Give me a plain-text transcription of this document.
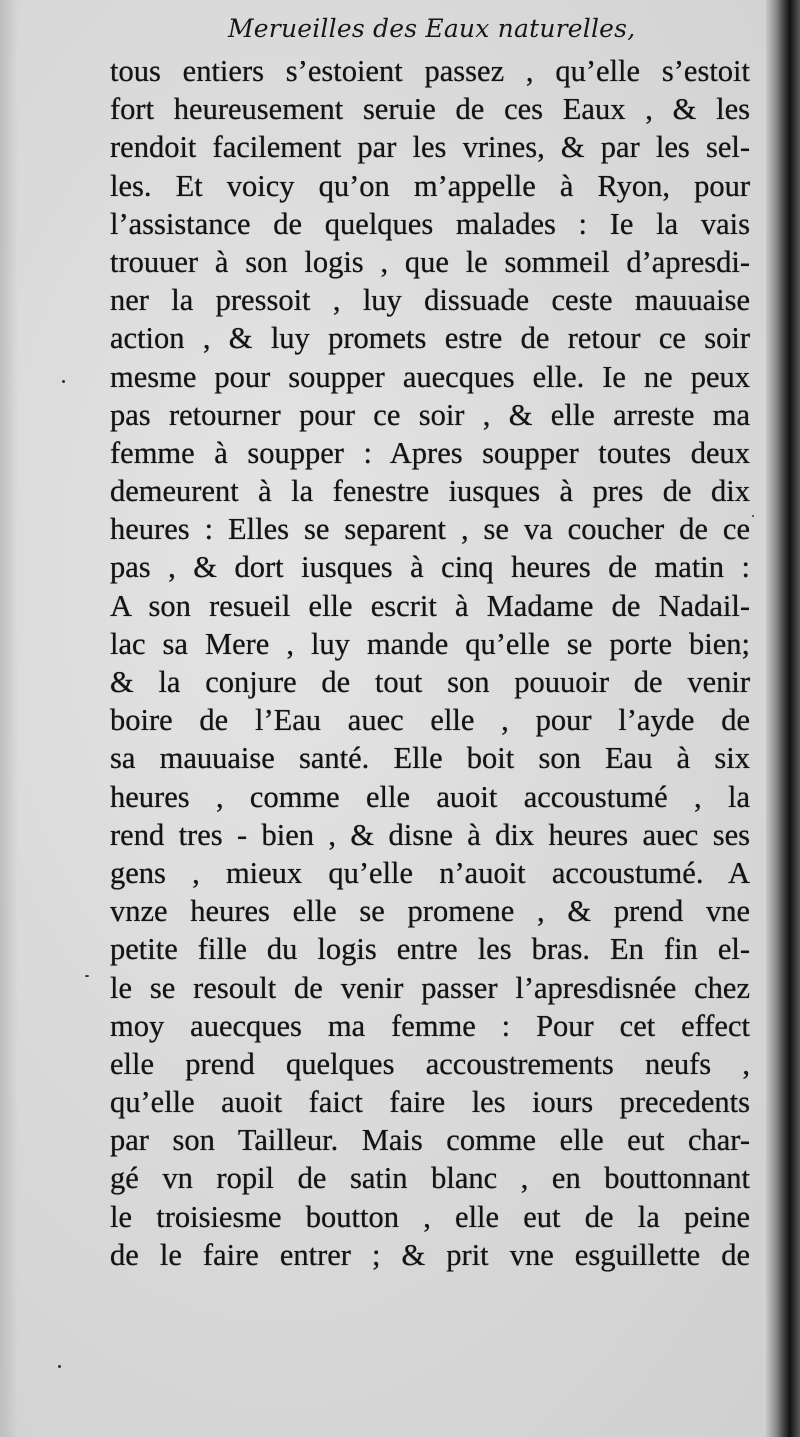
Merueilles des Eaux naturelles,
tous entiers s’estoient passez , qu’elle s’estoit
fort heureusement seruie de ces Eaux , & les
rendoit facilement par les vrines, & par les sel-
les. Et voicy qu’on m’appelle à Ryon, pour
l’assistance de quelques malades : Ie la vais
trouuer à son logis , que le sommeil d’apresdi-
ner la pressoit , luy dissuade ceste mauuaise
action , & luy promets estre de retour ce soir
mesme pour soupper auecques elle. Ie ne peux
pas retourner pour ce soir , & elle arreste ma
femme à soupper : Apres soupper toutes deux
demeurent à la fenestre iusques à pres de dix
heures : Elles se separent , se va coucher de ce
pas , & dort iusques à cinq heures de matin :
A son resueil elle escrit à Madame de Nadail-
lac sa Mere , luy mande qu’elle se porte bien;
& la conjure de tout son pouuoir de venir
boire de l’Eau auec elle , pour l’ayde de
sa mauuaise santé. Elle boit son Eau à six
heures , comme elle auoit accoustumé , la
rend tres - bien , & disne à dix heures auec ses
gens , mieux qu’elle n’auoit accoustumé. A
vnze heures elle se promene , & prend vne
petite fille du logis entre les bras. En fin el-
le se resoult de venir passer l’apresdisnée chez
moy auecques ma femme : Pour cet effect
elle prend quelques accoustrements neufs ,
qu’elle auoit faict faire les iours precedents
par son Tailleur. Mais comme elle eut char-
gé vn ropil de satin blanc , en bouttonnant
le troisiesme boutton , elle eut de la peine
de le faire entrer ; & prit vne esguillette de
